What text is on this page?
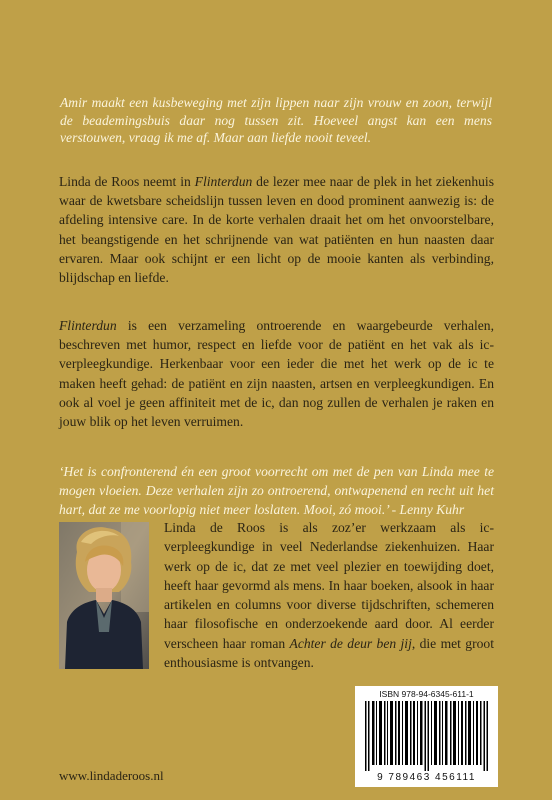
Amir maakt een kusbeweging met zijn lippen naar zijn vrouw en zoon, terwijl de beademingsbuis daar nog tussen zit. Hoeveel angst kan een mens verstouwen, vraag ik me af. Maar aan liefde nooit teveel.
Linda de Roos neemt in Flinterdun de lezer mee naar de plek in het ziekenhuis waar de kwetsbare scheidslijn tussen leven en dood prominent aanwezig is: de afdeling intensive care. In de korte verhalen draait het om het onvoorstelbare, het beangstigende en het schrijnende van wat patiënten en hun naasten daar ervaren. Maar ook schijnt er een licht op de mooie kanten als verbinding, blijdschap en liefde.
Flinterdun is een verzameling ontroerende en waargebeurde verhalen, beschreven met humor, respect en liefde voor de patiënt en het vak als ic-verpleegkundige. Herkenbaar voor een ieder die met het werk op de ic te maken heeft gehad: de patiënt en zijn naasten, artsen en verpleegkundigen. En ook al voel je geen affiniteit met de ic, dan nog zullen de verhalen je raken en jouw blik op het leven verruimen.
‘Het is confronterend én een groot voorrecht om met de pen van Linda mee te mogen vloeien. Deze verhalen zijn zo ontroerend, ontwapenend en recht uit het hart, dat ze me voorlopig niet meer loslaten. Mooi, zó mooi.’ - Lenny Kuhr
Linda de Roos is als zoz’er werkzaam als ic-verpleegkundige in veel Nederlandse ziekenhuizen. Haar werk op de ic, dat ze met veel plezier en toewijding doet, heeft haar gevormd als mens. In haar boeken, alsook in haar artikelen en columns voor diverse tijdschriften, schemeren haar filosofische en onderzoekende aard door. Al eerder verscheen haar roman Achter de deur ben jij, die met groot enthousiasme is ontvangen.
ISBN 978-94-6345-611-1
9 789463 456111
www.lindaderoos.nl
